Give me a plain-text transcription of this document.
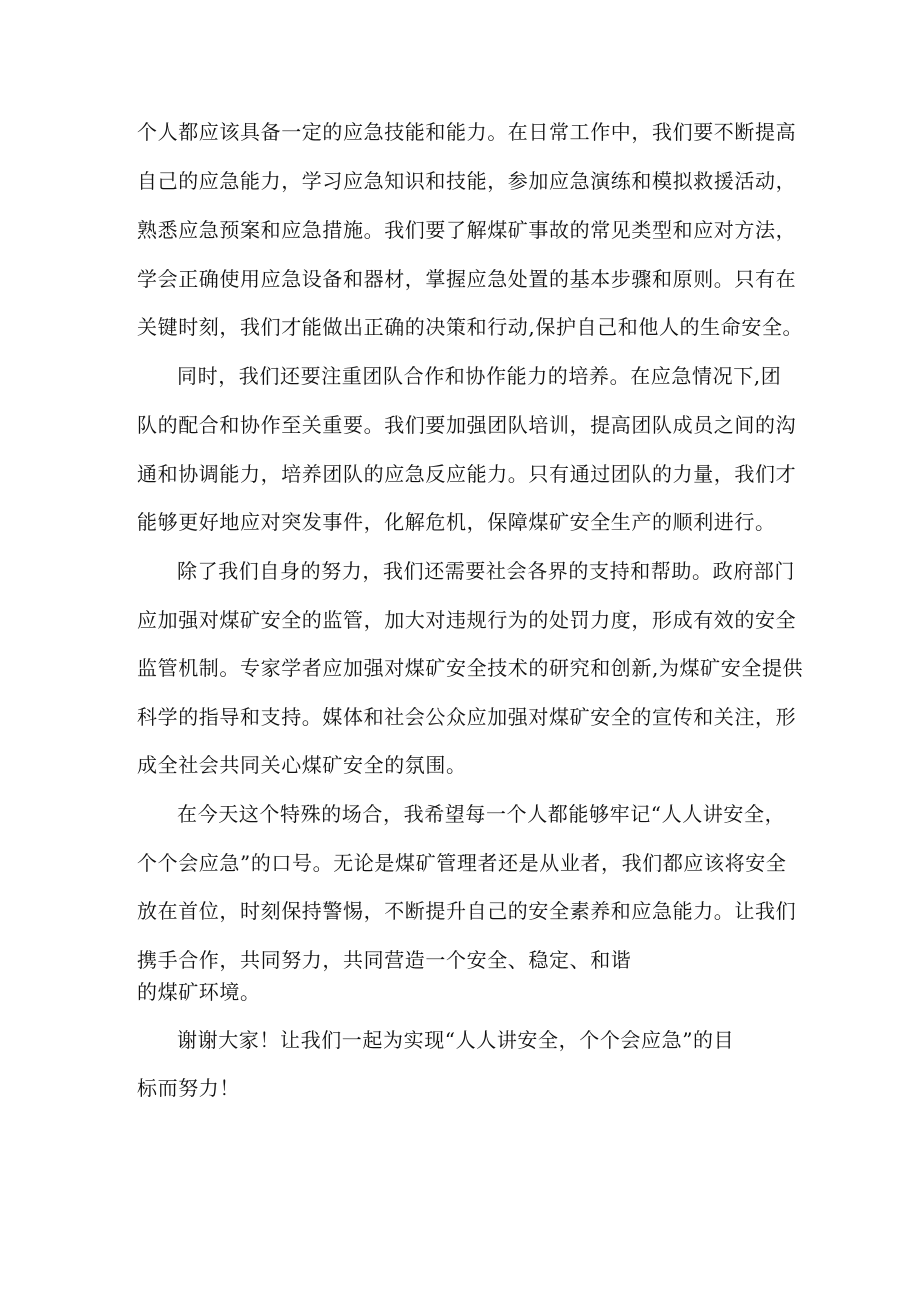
个人都应该具备一定的应急技能和能力。在日常工作中，我们要不断提高

自己的应急能力，学习应急知识和技能，参加应急演练和模拟救援活动，

熟悉应急预案和应急措施。我们要了解煤矿事故的常见类型和应对方法，

学会正确使用应急设备和器材，掌握应急处置的基本步骤和原则。只有在

关键时刻，我们才能做出正确的决策和行动,保护自己和他人的生命安全。

同时，我们还要注重团队合作和协作能力的培养。在应急情况下,团

队的配合和协作至关重要。我们要加强团队培训，提高团队成员之间的沟

通和协调能力，培养团队的应急反应能力。只有通过团队的力量，我们才

能够更好地应对突发事件，化解危机，保障煤矿安全生产的顺利进行。

除了我们自身的努力，我们还需要社会各界的支持和帮助。政府部门

应加强对煤矿安全的监管，加大对违规行为的处罚力度，形成有效的安全

监管机制。专家学者应加强对煤矿安全技术的研究和创新,为煤矿安全提供

科学的指导和支持。媒体和社会公众应加强对煤矿安全的宣传和关注，形

成全社会共同关心煤矿安全的氛围。

在今天这个特殊的场合，我希望每一个人都能够牢记“人人讲安全，

个个会应急”的口号。无论是煤矿管理者还是从业者，我们都应该将安全

放在首位，时刻保持警惕，不断提升自己的安全素养和应急能力。让我们

携手合作，共同努力，共同营造一个安全、稳定、和谐

的煤矿环境。

谢谢大家！让我们一起为实现“人人讲安全，个个会应急”的目

标而努力！
